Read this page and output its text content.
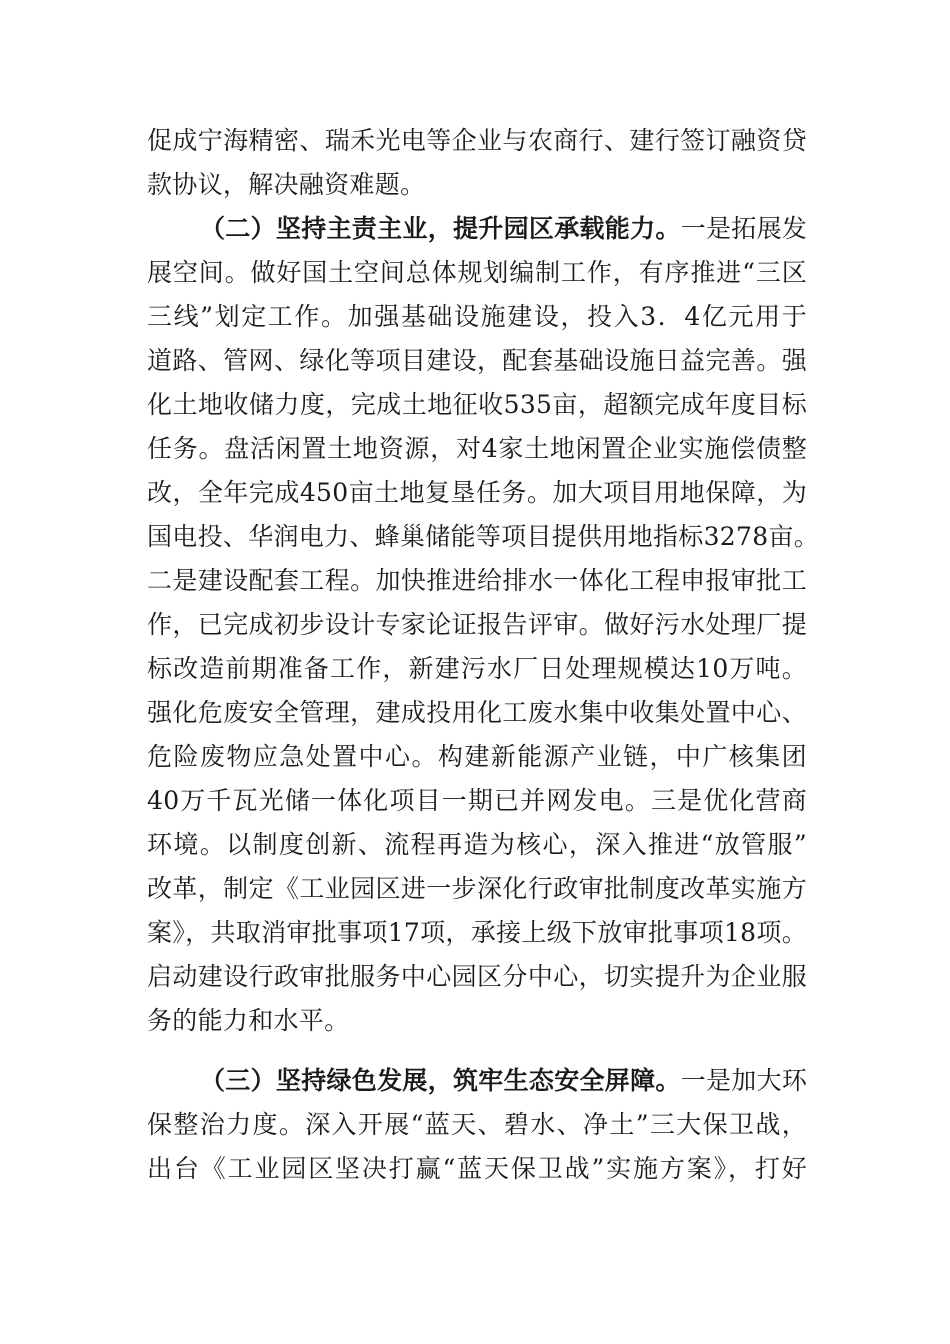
促成宁海精密、瑞禾光电等企业与农商行、建行签订融资贷
款协议，解决融资难题。
（二）坚持主责主业，提升园区承载能力。一是拓展发
展空间。做好国土空间总体规划编制工作，有序推进“三区
三线”划定工作。加强基础设施建设，投入3．4亿元用于
道路、管网、绿化等项目建设，配套基础设施日益完善。强
化土地收储力度，完成土地征收535亩，超额完成年度目标
任务。盘活闲置土地资源，对4家土地闲置企业实施偿债整
改，全年完成450亩土地复垦任务。加大项目用地保障，为
国电投、华润电力、蜂巢储能等项目提供用地指标3278亩。
二是建设配套工程。加快推进给排水一体化工程申报审批工
作，已完成初步设计专家论证报告评审。做好污水处理厂提
标改造前期准备工作，新建污水厂日处理规模达10万吨。
强化危废安全管理，建成投用化工废水集中收集处置中心、
危险废物应急处置中心。构建新能源产业链，中广核集团
40万千瓦光储一体化项目一期已并网发电。三是优化营商
环境。以制度创新、流程再造为核心，深入推进“放管服”
改革，制定《工业园区进一步深化行政审批制度改革实施方
案》，共取消审批事项17项，承接上级下放审批事项18项。
启动建设行政审批服务中心园区分中心，切实提升为企业服
务的能力和水平。
（三）坚持绿色发展，筑牢生态安全屏障。一是加大环
保整治力度。深入开展“蓝天、碧水、净土”三大保卫战，
出台《工业园区坚决打赢“蓝天保卫战”实施方案》，打好
